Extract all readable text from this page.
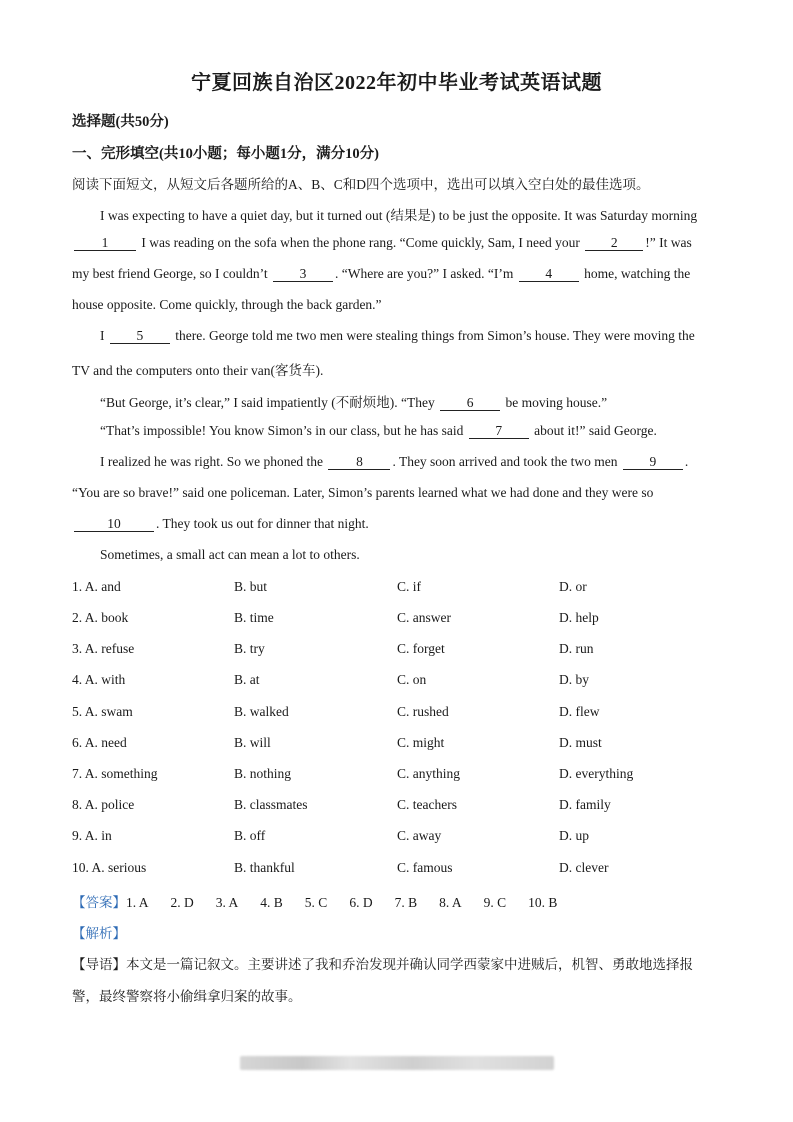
宁夏回族自治区2022年初中毕业考试英语试题
选择题(共50分)
一、完形填空(共10小题；每小题1分，满分10分)
阅读下面短文，从短文后各题所给的A、B、C和D四个选项中，选出可以填入空白处的最佳选项。
I was expecting to have a quiet day, but it turned out (结果是) to be just the opposite. It was Saturday morning
1 I was reading on the sofa when the phone rang. “Come quickly, Sam, I need your 2 !” It was
my best friend George, so I couldn’t 3 . “Where are you?” I asked. “I’m 4 home, watching the
house opposite. Come quickly, through the back garden.”
I 5 there. George told me two men were stealing things from Simon’s house. They were moving the
TV and the computers onto their van(客货车).
“But George, it’s clear,” I said impatiently (不耐烦地). “They 6 be moving house.”
“That’s impossible! You know Simon’s in our class, but he has said 7 about it!” said George.
I realized he was right. So we phoned the 8 . They soon arrived and took the two men 9 .
“You are so brave!” said one policeman. Later, Simon’s parents learned what we had done and they were so
10	. They took us out for dinner that night.
Sometimes, a small act can mean a lot to others.
1. A. and	B. but	C. if	D. or
2. A. book	B. time	C. answer	D. help
3. A. refuse	B. try	C. forget	D. run
4. A. with	B. at	C. on	D. by
5. A. swam	B. walked	C. rushed	D. flew
6. A. need	B. will	C. might	D. must
7. A. something	B. nothing	C. anything	D. everything
8. A. police	B. classmates	C. teachers	D. family
9. A. in	B. off	C. away	D. up
10. A. serious	B. thankful	C. famous	D. clever
【答案】1. A 2. D 3. A 4. B 5. C 6. D 7. B 8. A 9. C 10. B
【解析】
【导语】本文是一篇记叙文。主要讲述了我和乔治发现并确认同学西蒙家中进贼后，机智、勇敢地选择报
警，最终警察将小偷缉拿归案的故事。
